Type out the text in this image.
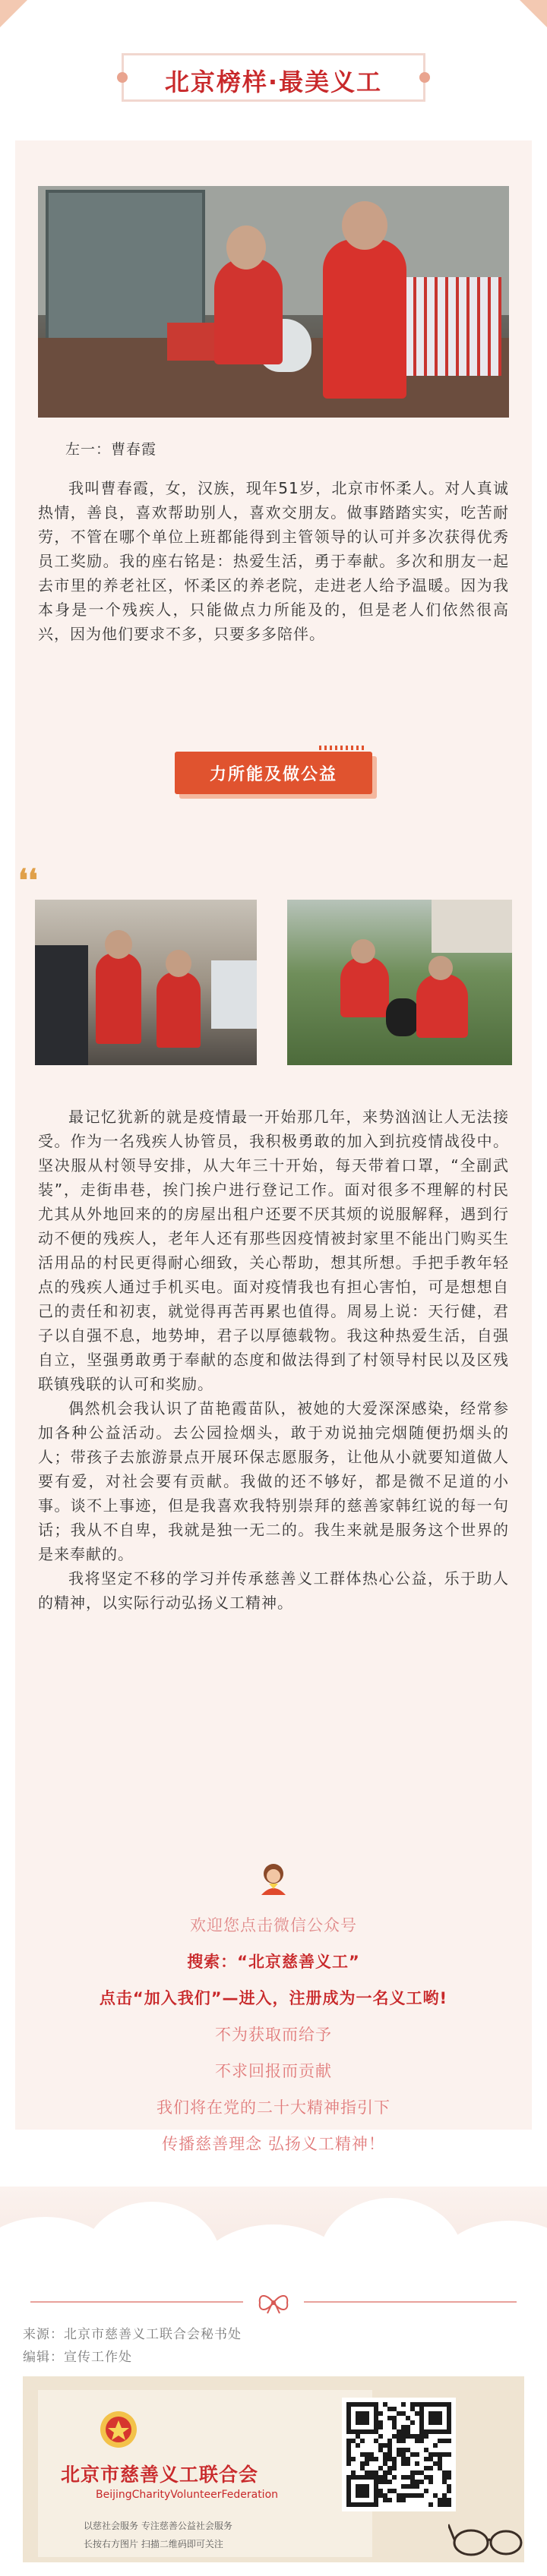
北京榜样·最美义工
左一：曹春霞

我叫曹春霞，女，汉族，现年51岁，北京市怀柔人。对人真诚热情，善良，喜欢帮助别人，喜欢交朋友。做事踏踏实实，吃苦耐劳，不管在哪个单位上班都能得到主管领导的认可并多次获得优秀员工奖励。我的座右铭是：热爱生活，勇于奉献。多次和朋友一起去市里的养老社区，怀柔区的养老院，走进老人给予温暖。因为我本身是一个残疾人，只能做点力所能及的，但是老人们依然很高兴，因为他们要求不多，只要多多陪伴。

力所能及做公益
❛❛

最记忆犹新的就是疫情最一开始那几年，来势汹汹让人无法接受。作为一名残疾人协管员，我积极勇敢的加入到抗疫情战役中。坚决服从村领导安排，从大年三十开始，每天带着口罩，“全副武装”，走街串巷，挨门挨户进行登记工作。面对很多不理解的村民尤其从外地回来的的房屋出租户还要不厌其烦的说服解释，遇到行动不便的残疾人，老年人还有那些因疫情被封家里不能出门购买生活用品的村民更得耐心细致，关心帮助，想其所想。手把手教年轻点的残疾人通过手机买电。面对疫情我也有担心害怕，可是想想自己的责任和初衷，就觉得再苦再累也值得。周易上说：天行健，君子以自强不息，地势坤，君子以厚德载物。我这种热爱生活，自强自立，坚强勇敢勇于奉献的态度和做法得到了村领导村民以及区残联镇残联的认可和奖励。

偶然机会我认识了苗艳霞苗队，被她的大爱深深感染，经常参加各种公益活动。去公园捡烟头，敢于劝说抽完烟随便扔烟头的人；带孩子去旅游景点开展环保志愿服务，让他从小就要知道做人要有爱，对社会要有贡献。我做的还不够好，都是微不足道的小事。谈不上事迹，但是我喜欢我特别崇拜的慈善家韩红说的每一句话；我从不自卑，我就是独一无二的。我生来就是服务这个世界的是来奉献的。

我将坚定不移的学习并传承慈善义工群体热心公益，乐于助人的精神，以实际行动弘扬义工精神。

欢迎您点击微信公众号
搜索：“北京慈善义工”
点击“加入我们”—进入，注册成为一名义工哟!
不为获取而给予
不求回报而贡献
我们将在党的二十大精神指引下
传播慈善理念 弘扬义工精神！
来源：北京市慈善义工联合会秘书处
编辑：宣传工作处
北京市慈善义工联合会
BeijingCharityVolunteerFederation
以慈社会服务 专注慈善公益社会服务
长按右方图片 扫描二维码即可关注
